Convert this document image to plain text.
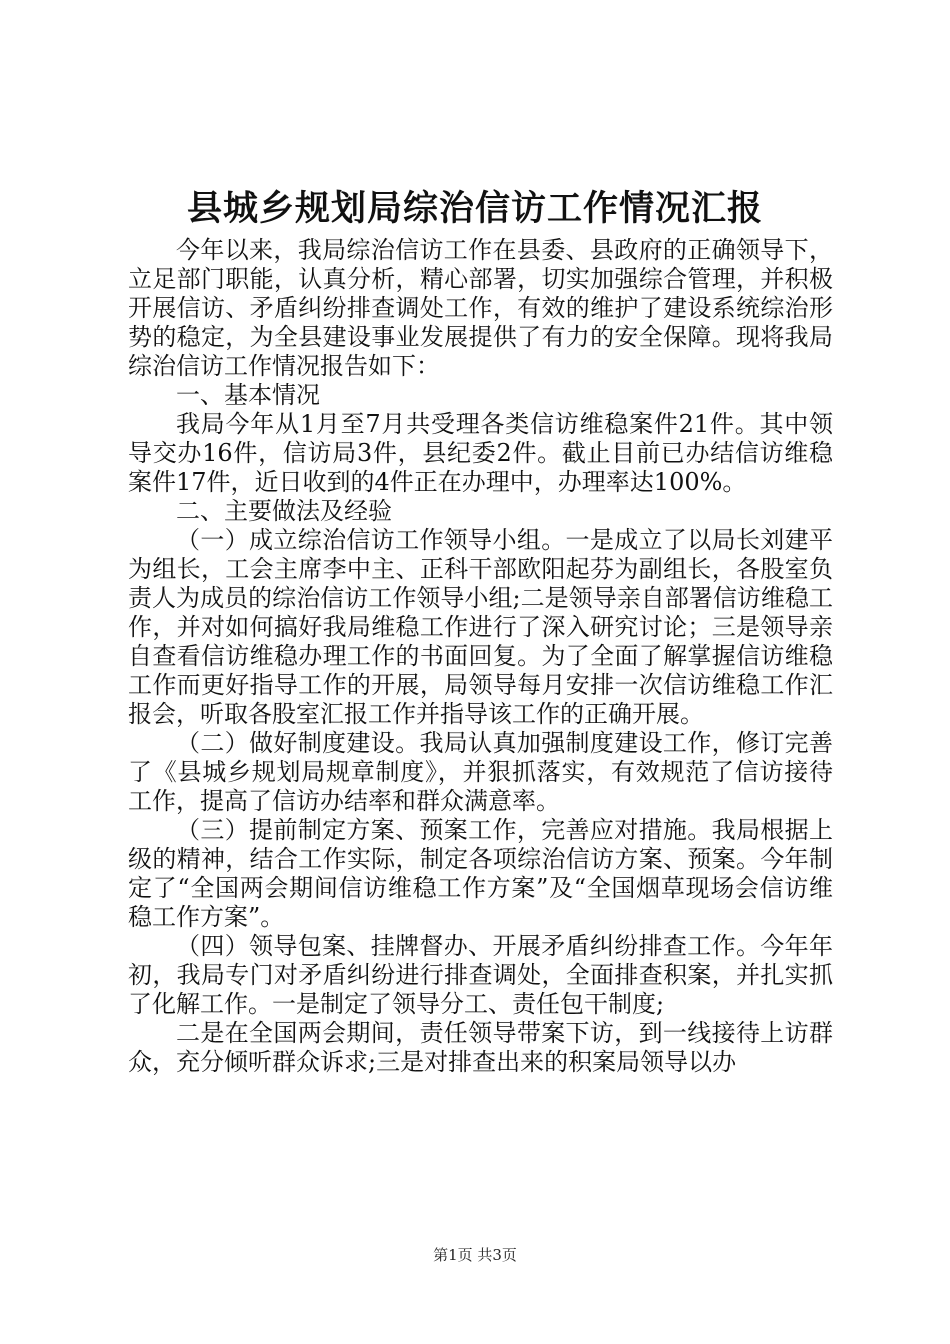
县城乡规划局综治信访工作情况汇报

今年以来，我局综治信访工作在县委、县政府的正确领导下，立足部门职能，认真分析，精心部署，切实加强综合管理，并积极开展信访、矛盾纠纷排查调处工作，有效的维护了建设系统综治形势的稳定，为全县建设事业发展提供了有力的安全保障。现将我局综治信访工作情况报告如下：

一、基本情况

我局今年从1月至7月共受理各类信访维稳案件21件。其中领导交办16件，信访局3件，县纪委2件。截止目前已办结信访维稳案件17件，近日收到的4件正在办理中，办理率达100%。

二、主要做法及经验

（一）成立综治信访工作领导小组。一是成立了以局长刘建平为组长，工会主席李中主、正科干部欧阳起芬为副组长，各股室负责人为成员的综治信访工作领导小组;二是领导亲自部署信访维稳工作，并对如何搞好我局维稳工作进行了深入研究讨论；三是领导亲自查看信访维稳办理工作的书面回复。为了全面了解掌握信访维稳工作而更好指导工作的开展，局领导每月安排一次信访维稳工作汇报会，听取各股室汇报工作并指导该工作的正确开展。

（二）做好制度建设。我局认真加强制度建设工作，修订完善了《县城乡规划局规章制度》，并狠抓落实，有效规范了信访接待工作，提高了信访办结率和群众满意率。

（三）提前制定方案、预案工作，完善应对措施。我局根据上级的精神，结合工作实际，制定各项综治信访方案、预案。今年制定了“全国两会期间信访维稳工作方案”及“全国烟草现场会信访维稳工作方案”。

（四）领导包案、挂牌督办、开展矛盾纠纷排查工作。今年年初，我局专门对矛盾纠纷进行排查调处，全面排查积案，并扎实抓了化解工作。一是制定了领导分工、责任包干制度;

二是在全国两会期间，责任领导带案下访，到一线接待上访群众，充分倾听群众诉求;三是对排查出来的积案局领导以办

第1页 共3页
